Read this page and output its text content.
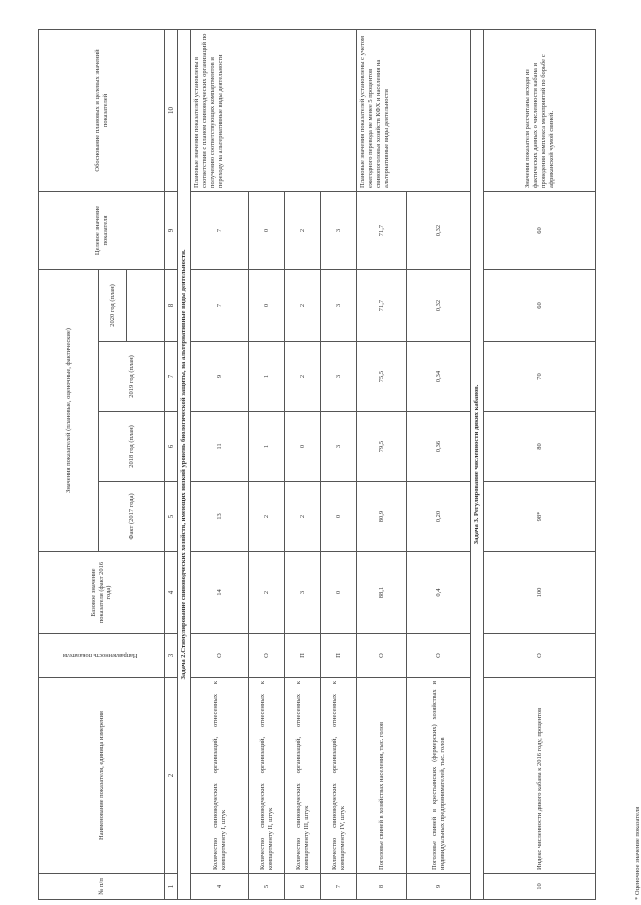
№ п/п	Наименование показателя, единица измерения	Направленность показателя	Базовое значение показателя (факт 2016 года)	Значения показателей (плановые, оценочные, фактические)				Целевое значение показателя	Обоснование плановых и целевых значений показателей
				Факт (2017 года)	2018 год (план)	2019 год (план)	2020 год (план)		

1	2	3	4	5	6	7	8	9	10
Задача 2.Стимулирование свиноводческих хозяйств, имеющих низкий уровень биологической защиты, на альтернативные виды деятельности.									
4	Количество свиноводческих организаций, отнесенных к компартменту I, штук	О	14	13	11	9	7	7	Плановые значения показателей установлены в соответствии с планом свиноводческих организаций по получению соответствующих компартментов и переходу на альтернативные виды деятельности
5	Количество свиноводческих организаций, отнесенных к компартменту II, штук	О	2	2	1	1	0	0	
6	Количество свиноводческих организаций, отнесенных к компартменту III, штук	П	3	2	0	2	2	2	
7	Количество свиноводческих организаций, отнесенных к компартменту IV, штук	П	0	0	3	3	3	3	
8	Поголовье свиней в хозяйствах населения, тыс. голов	О	88,1	80,9	79,5	75,5	71,7	71,7	Плановые значения показателей установлены с учетом ежегодного перевода не менее 5 процентов свинопоголовья хозяйств КФХ и населения на альтернативные виды деятельности
9	Поголовье свиней в крестьянских (фермерских) хозяйствах и индивидуальных предпринимателей, тыс. голов	О	0,4	0,20	0,36	0,34	0,32	0,32	
Задача 3. Регулирование численности диких кабанов.									
10	Индекс численности дикого кабана к 2016 году, процентов	О	100	98*	80	70	60	60	Значения показателя рассчитаны исходя из фактических данных о численности кабана и проведения комплекса мероприятий по борьбе с африканской чумой свиней.
* Оценочное значение показателя
